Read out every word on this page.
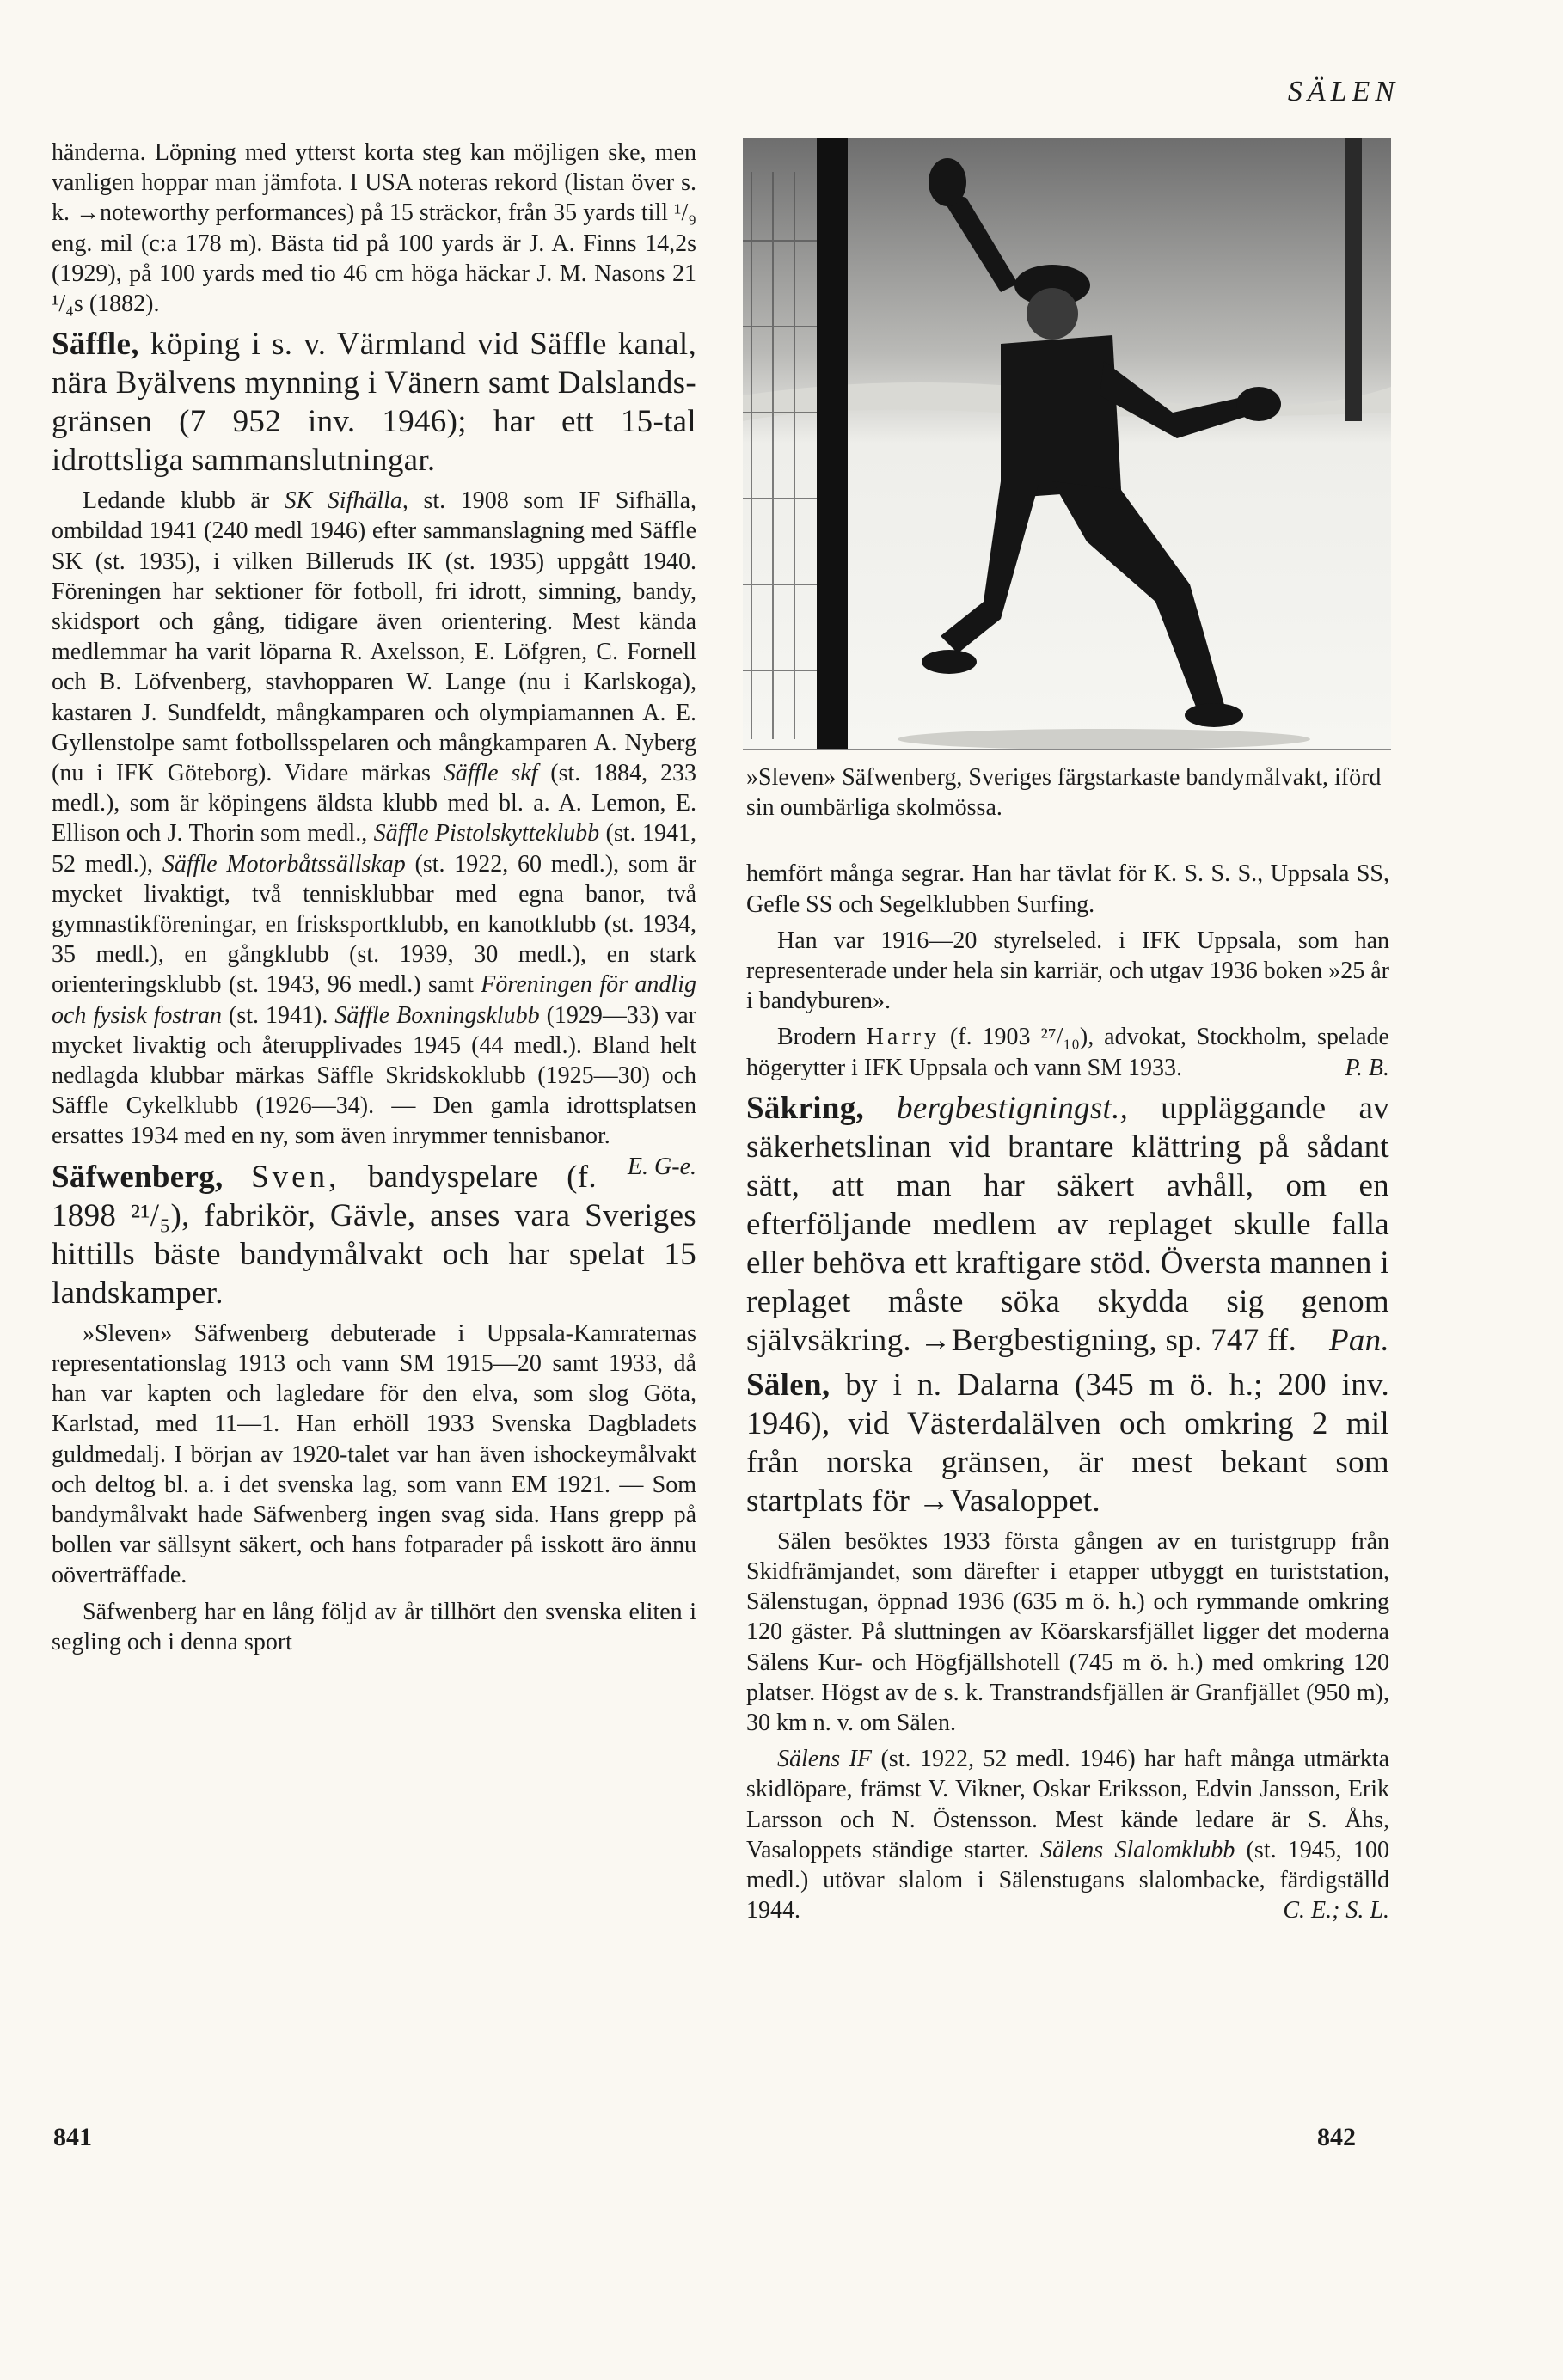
SÄLEN

händerna. Löpning med ytterst korta steg kan möjligen ske, men vanligen hoppar man jämfota. I USA noteras rekord (listan över s. k. →noteworthy performances) på 15 sträckor, från 35 yards till ¹/₉ eng. mil (c:a 178 m). Bästa tid på 100 yards är J. A. Finns 14,2s (1929), på 100 yards med tio 46 cm höga häckar J. M. Nasons 21 ¹/₄s (1882).

Säffle, köping i s. v. Värmland vid Säffle kanal, nära Byälvens mynning i Vänern samt Dalslands-gränsen (7 952 inv. 1946); har ett 15-tal idrottsliga sammanslutningar.

Ledande klubb är SK Sifhälla, st. 1908 som IF Sifhälla, ombildad 1941 (240 medl 1946) efter sammanslagning med Säffle SK (st. 1935), i vilken Billeruds IK (st. 1935) uppgått 1940. Föreningen har sektioner för fotboll, fri idrott, simning, bandy, skidsport och gång, tidigare även orientering. Mest kända medlemmar ha varit löparna R. Axelsson, E. Löfgren, C. Fornell och B. Löfvenberg, stavhopparen W. Lange (nu i Karlskoga), kastaren J. Sundfeldt, mångkamparen och olympiamannen A. E. Gyllenstolpe samt fotbollsspelaren och mångkamparen A. Nyberg (nu i IFK Göteborg). Vidare märkas Säffle skf (st. 1884, 233 medl.), som är köpingens äldsta klubb med bl. a. A. Lemon, E. Ellison och J. Thorin som medl., Säffle Pistolskytteklubb (st. 1941, 52 medl.), Säffle Motorbåtssällskap (st. 1922, 60 medl.), som är mycket livaktigt, två tennisklubbar med egna banor, två gymnastikföreningar, en frisksportklubb, en kanotklubb (st. 1934, 35 medl.), en gångklubb (st. 1939, 30 medl.), en stark orienteringsklubb (st. 1943, 96 medl.) samt Föreningen för andlig och fysisk fostran (st. 1941). Säffle Boxningsklubb (1929—33) var mycket livaktig och återupplivades 1945 (44 medl.). Bland helt nedlagda klubbar märkas Säffle Skridskoklubb (1925—30) och Säffle Cykelklubb (1926—34). — Den gamla idrottsplatsen ersattes 1934 med en ny, som även inrymmer tennisbanor.
E. G-e.

Säfwenberg, Sven, bandyspelare (f. 1898 ²¹/₅), fabrikör, Gävle, anses vara Sveriges hittills bäste bandymålvakt och har spelat 15 landskamper.

»Sleven» Säfwenberg debuterade i Uppsala-Kamraternas representationslag 1913 och vann SM 1915—20 samt 1933, då han var kapten och lagledare för den elva, som slog Göta, Karlstad, med 11—1. Han erhöll 1933 Svenska Dagbladets guldmedalj. I början av 1920-talet var han även ishockeymålvakt och deltog bl. a. i det svenska lag, som vann EM 1921. — Som bandymålvakt hade Säfwenberg ingen svag sida. Hans grepp på bollen var sällsynt säkert, och hans fotparader på isskott äro ännu oöverträffade.

Säfwenberg har en lång följd av år tillhört den svenska eliten i segling och i denna sport

»Sleven» Säfwenberg, Sveriges färgstarkaste bandymålvakt, iförd sin oumbärliga skolmössa.

hemfört många segrar. Han har tävlat för K. S. S. S., Uppsala SS, Gefle SS och Segelklubben Surfing.

Han var 1916—20 styrelseled. i IFK Uppsala, som han representerade under hela sin karriär, och utgav 1936 boken »25 år i bandyburen».

Brodern Harry (f. 1903 ²⁷/₁₀), advokat, Stockholm, spelade högerytter i IFK Uppsala och vann SM 1933.	P. B.

Säkring, bergbestigningst., uppläggande av säkerhetslinan vid brantare klättring på sådant sätt, att man har säkert avhåll, om en efterföljande medlem av replaget skulle falla eller behöva ett kraftigare stöd. Översta mannen i replaget måste söka skydda sig genom självsäkring. →Bergbestigning, sp. 747 ff. Pan.

Sälen, by i n. Dalarna (345 m ö. h.; 200 inv. 1946), vid Västerdalälven och omkring 2 mil från norska gränsen, är mest bekant som startplats för →Vasaloppet.

Sälen besöktes 1933 första gången av en turistgrupp från Skidfrämjandet, som därefter i etapper utbyggt en turiststation, Sälenstugan, öppnad 1936 (635 m ö. h.) och rymmande omkring 120 gäster. På sluttningen av Köarskarsfjället ligger det moderna Sälens Kur- och Högfjällshotell (745 m ö. h.) med omkring 120 platser. Högst av de s. k. Transtrandsfjällen är Granfjället (950 m), 30 km n. v. om Sälen.

Sälens IF (st. 1922, 52 medl. 1946) har haft många utmärkta skidlöpare, främst V. Vikner, Oskar Eriksson, Edvin Jansson, Erik Larsson och N. Östensson. Mest kände ledare är S. Åhs, Vasaloppets ständige starter. Sälens Slalomklubb (st. 1945, 100 medl.) utövar slalom i Sälenstugans slalombacke, färdigställd 1944.	C. E.; S. L.

841	842
